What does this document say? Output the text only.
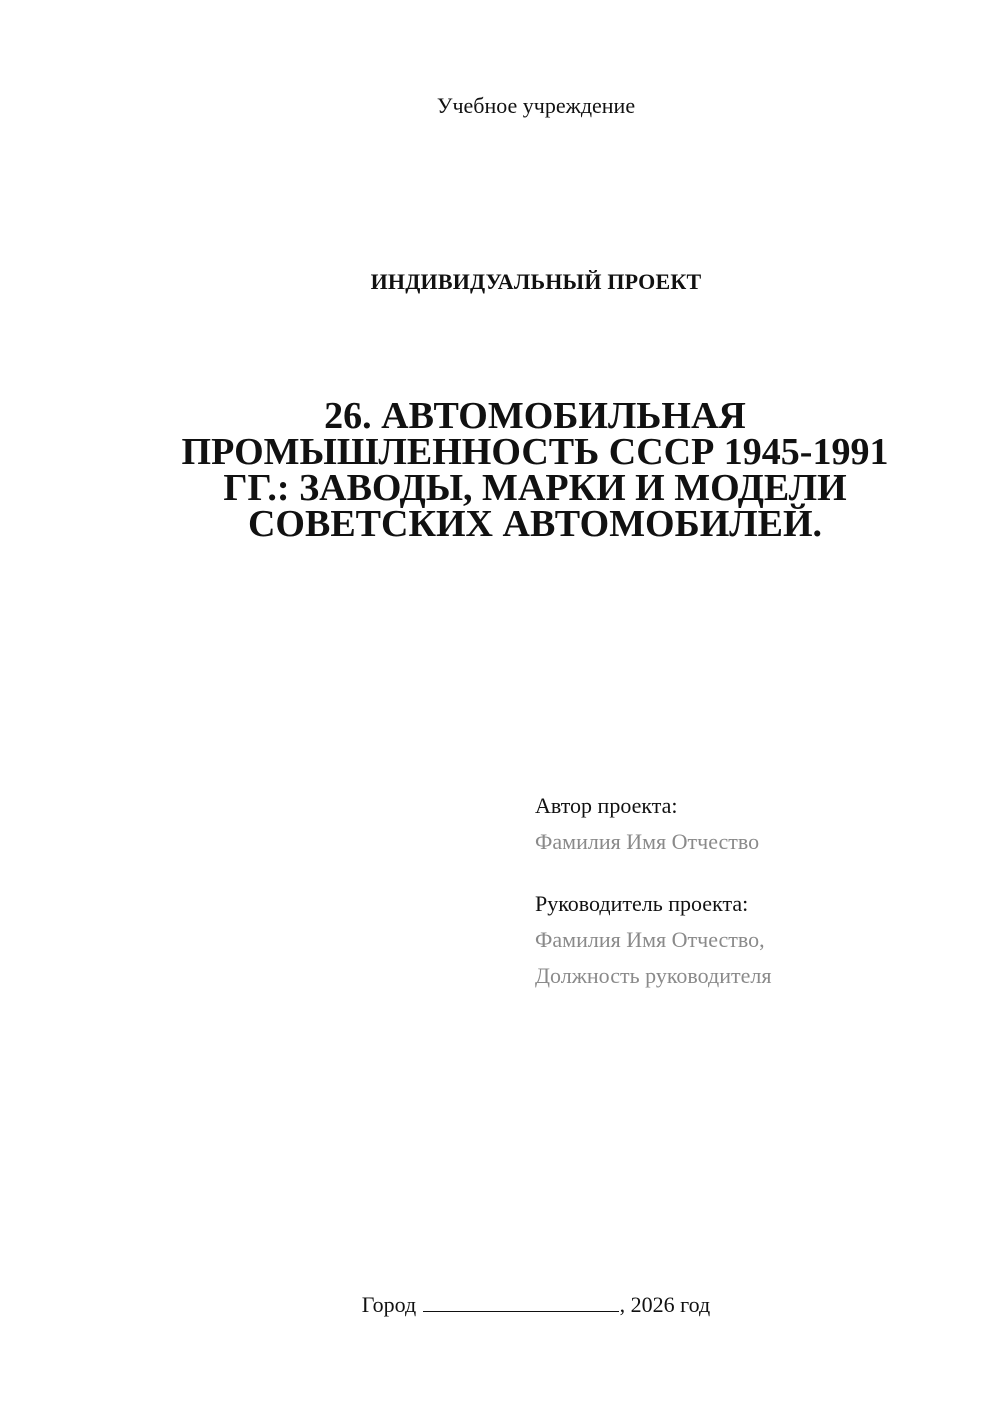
Учебное учреждение
ИНДИВИДУАЛЬНЫЙ ПРОЕКТ
26. АВТОМОБИЛЬНАЯ
ПРОМЫШЛЕННОСТЬ СССР 1945-1991
ГГ.: ЗАВОДЫ, МАРКИ И МОДЕЛИ
СОВЕТСКИХ АВТОМОБИЛЕЙ.
Автор проекта:
Фамилия Имя Отчество
Руководитель проекта:
Фамилия Имя Отчество,
Должность руководителя
Город	, 2026 год
